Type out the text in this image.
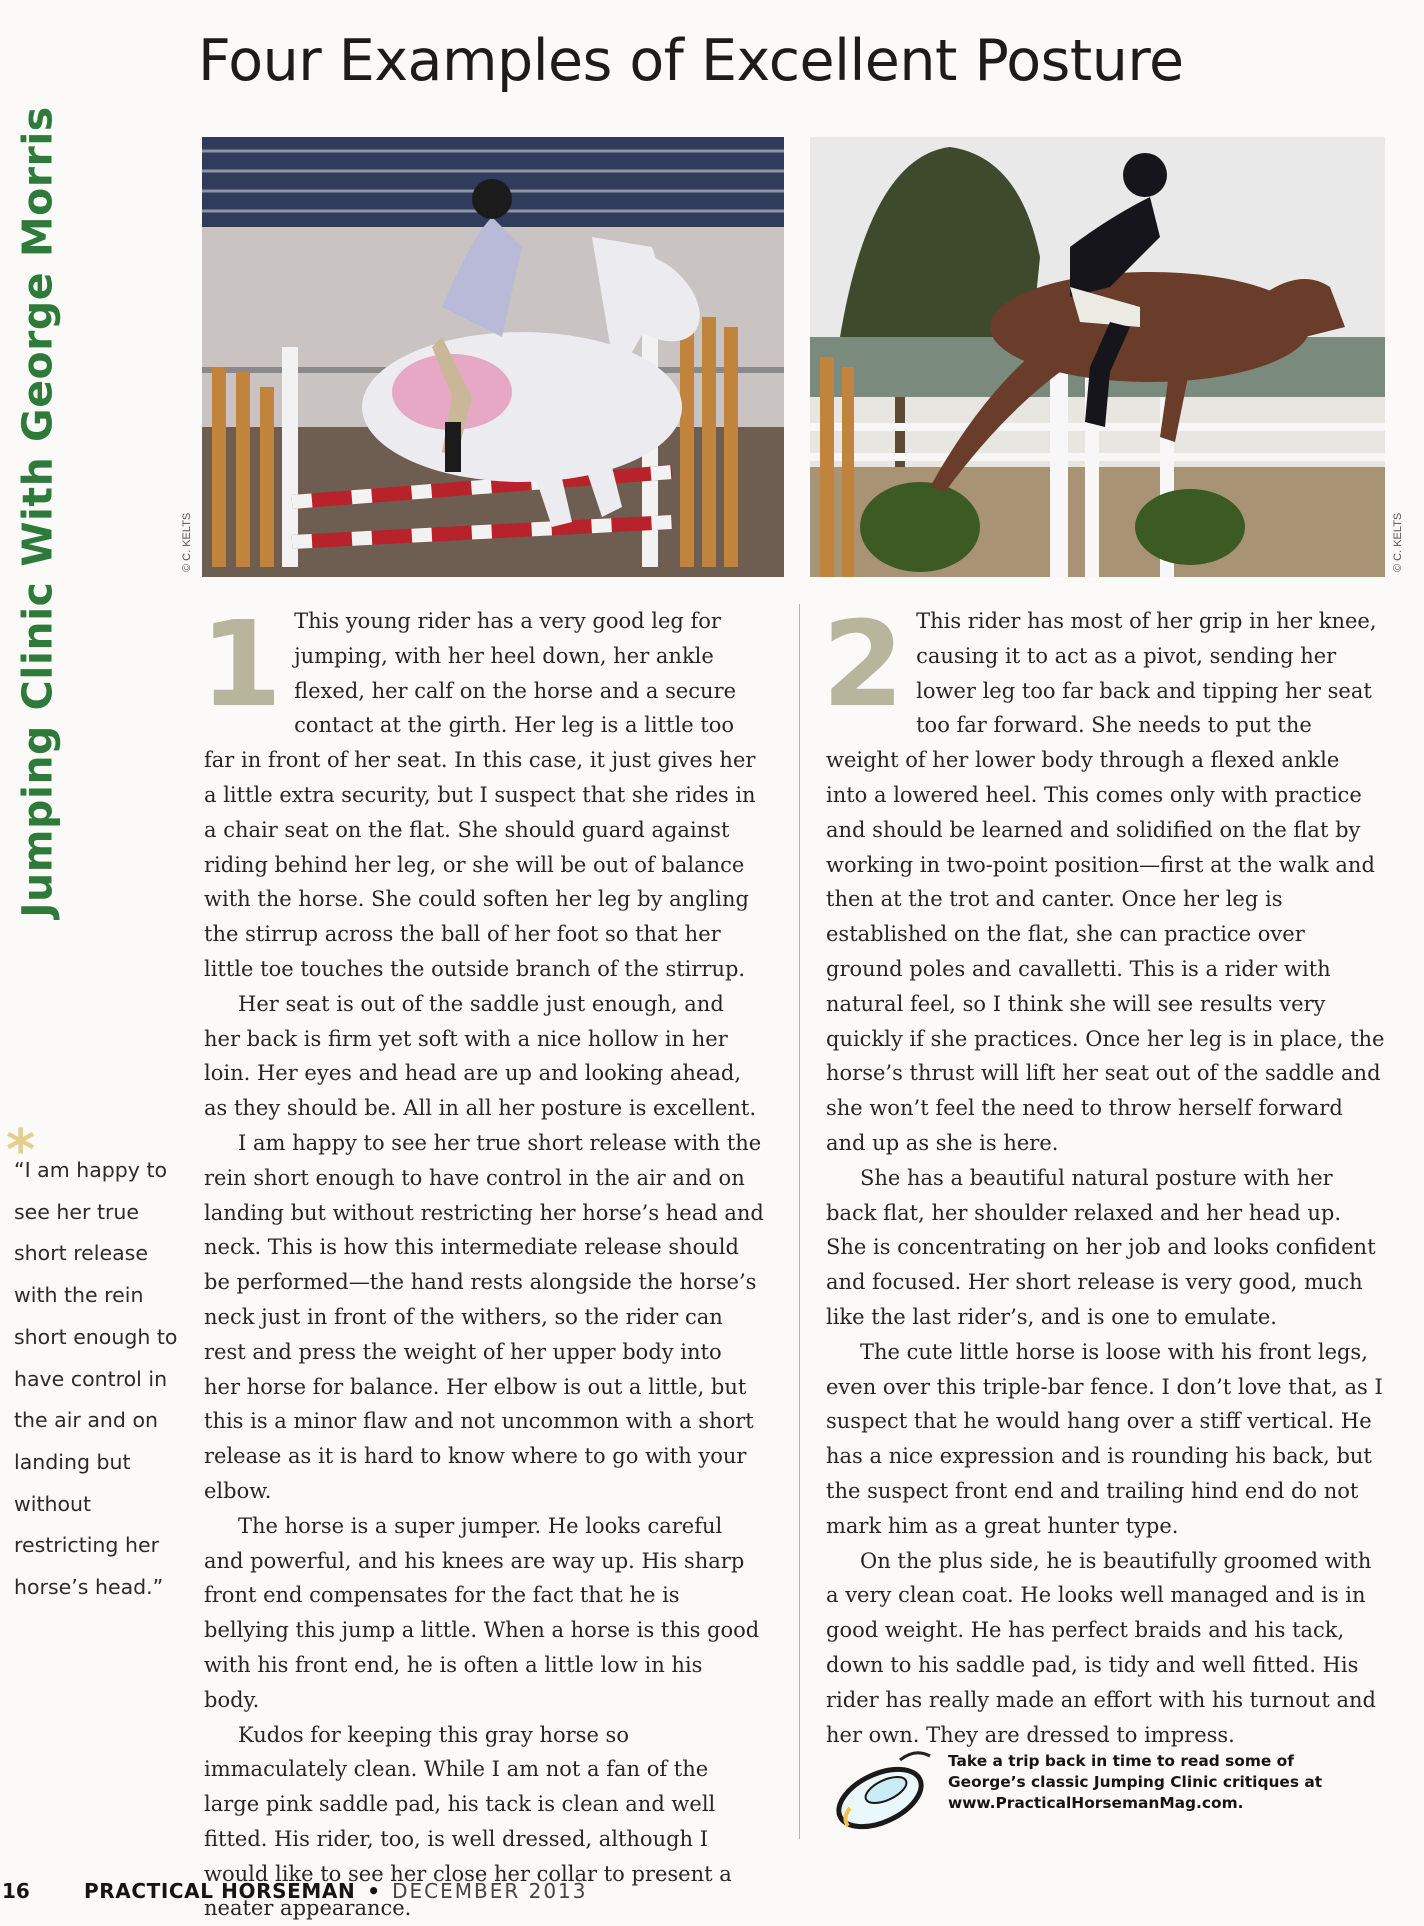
Jumping Clinic With George Morris
Four Examples of Excellent Posture
© C. KELTS	© C. KELTS

1 This young rider has a very good leg for jumping, with her heel down, her ankle flexed, her calf on the horse and a secure contact at the girth. Her leg is a little too far in front of her seat. In this case, it just gives her a little extra security, but I suspect that she rides in a chair seat on the flat. She should guard against riding behind her leg, or she will be out of balance with the horse. She could soften her leg by angling the stirrup across the ball of her foot so that her little toe touches the outside branch of the stirrup.

Her seat is out of the saddle just enough, and her back is firm yet soft with a nice hollow in her loin. Her eyes and head are up and looking ahead, as they should be. All in all her posture is excellent.

I am happy to see her true short release with the rein short enough to have control in the air and on landing but without restricting her horse’s head and neck. This is how this intermediate release should be performed—the hand rests alongside the horse’s neck just in front of the withers, so the rider can rest and press the weight of her upper body into her horse for balance. Her elbow is out a little, but this is a minor flaw and not uncommon with a short release as it is hard to know where to go with your elbow.

The horse is a super jumper. He looks careful and powerful, and his knees are way up. His sharp front end compensates for the fact that he is bellying this jump a little. When a horse is this good with his front end, he is often a little low in his body.

Kudos for keeping this gray horse so immaculately clean. While I am not a fan of the large pink saddle pad, his tack is clean and well fitted. His rider, too, is well dressed, although I would like to see her close her collar to present a neater appearance.

2 This rider has most of her grip in her knee, causing it to act as a pivot, sending her lower leg too far back and tipping her seat too far forward. She needs to put the weight of her lower body through a flexed ankle into a lowered heel. This comes only with practice and should be learned and solidified on the flat by working in two-point position—first at the walk and then at the trot and canter. Once her leg is established on the flat, she can practice over ground poles and cavalletti. This is a rider with natural feel, so I think she will see results very quickly if she practices. Once her leg is in place, the horse’s thrust will lift her seat out of the saddle and she won’t feel the need to throw herself forward and up as she is here.

She has a beautiful natural posture with her back flat, her shoulder relaxed and her head up. She is concentrating on her job and looks confident and focused. Her short release is very good, much like the last rider’s, and is one to emulate.

The cute little horse is loose with his front legs, even over this triple-bar fence. I don’t love that, as I suspect that he would hang over a stiff vertical. He has a nice expression and is rounding his back, but the suspect front end and trailing hind end do not mark him as a great hunter type.

On the plus side, he is beautifully groomed with a very clean coat. He looks well managed and is in good weight. He has perfect braids and his tack, down to his saddle pad, is tidy and well fitted. His rider has really made an effort with his turnout and her own. They are dressed to impress.

*
“I am happy to see her true short release with the rein short enough to have control in the air and on landing but without restricting her horse’s head.”
Take a trip back in time to read some of George’s classic Jumping Clinic critiques at www.PracticalHorsemanMag.com.
16	PRACTICAL HORSEMAN • DECEMBER 2013
